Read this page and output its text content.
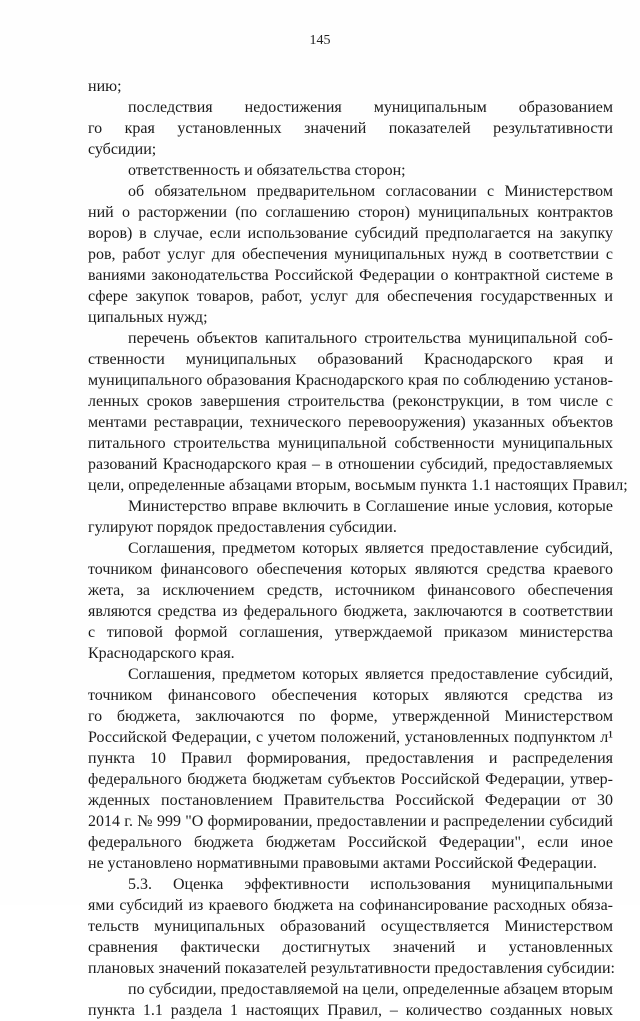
145
нию;
последствия недостижения муниципальным образованием
го края установленных значений показателей результативности
субсидии;
ответственность и обязательства сторон;
об обязательном предварительном согласовании с Министерством
ний о расторжении (по соглашению сторон) муниципальных контрактов
воров) в случае, если использование субсидий предполагается на закупку
ров, работ услуг для обеспечения муниципальных нужд в соответствии с
ваниями законодательства Российской Федерации о контрактной системе в
сфере закупок товаров, работ, услуг для обеспечения государственных и
ципальных нужд;
перечень объектов капитального строительства муниципальной соб-
ственности муниципальных образований Краснодарского края и
муниципального образования Краснодарского края по соблюдению установ-
ленных сроков завершения строительства (реконструкции, в том числе с
ментами реставрации, технического перевооружения) указанных объектов
питального строительства муниципальной собственности муниципальных
разований Краснодарского края – в отношении субсидий, предоставляемых
цели, определенные абзацами вторым, восьмым пункта 1.1 настоящих Правил;
Министерство вправе включить в Соглашение иные условия, которые
гулируют порядок предоставления субсидии.
Соглашения, предметом которых является предоставление субсидий,
точником финансового обеспечения которых являются средства краевого
жета, за исключением средств, источником финансового обеспечения
являются средства из федерального бюджета, заключаются в соответствии
с типовой формой соглашения, утверждаемой приказом министерства
Краснодарского края.
Соглашения, предметом которых является предоставление субсидий,
точником финансового обеспечения которых являются средства из
го бюджета, заключаются по форме, утвержденной Министерством
Российской Федерации, с учетом положений, установленных подпунктом л¹
пункта 10 Правил формирования, предоставления и распределения
федерального бюджета бюджетам субъектов Российской Федерации, утвер-
жденных постановлением Правительства Российской Федерации от 30
2014 г. № 999 "О формировании, предоставлении и распределении субсидий
федерального бюджета бюджетам Российской Федерации", если иное
не установлено нормативными правовыми актами Российской Федерации.
5.3. Оценка эффективности использования муниципальными
ями субсидий из краевого бюджета на софинансирование расходных обяза-
тельств муниципальных образований осуществляется Министерством
сравнения фактически достигнутых значений и установленных
плановых значений показателей результативности предоставления субсидии:
по субсидии, предоставляемой на цели, определенные абзацем вторым
пункта 1.1 раздела 1 настоящих Правил, – количество созданных новых
